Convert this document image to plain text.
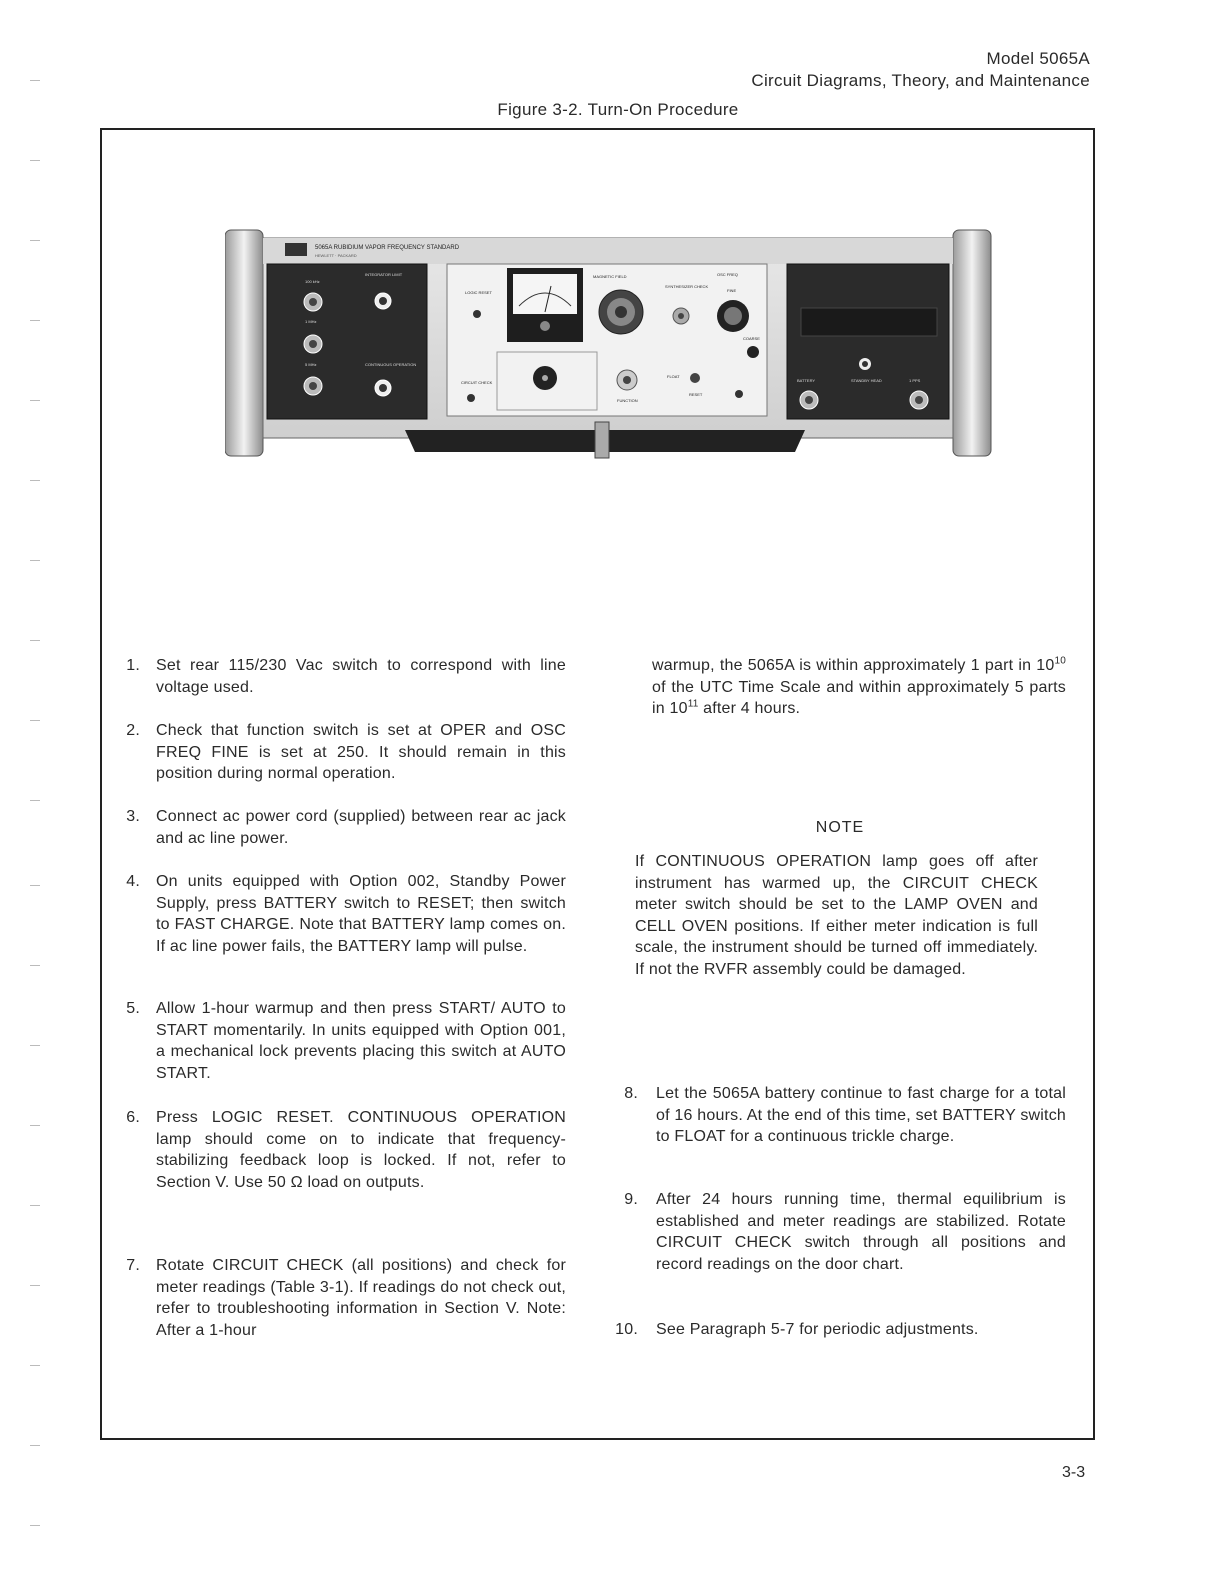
Model 5065A
Circuit Diagrams, Theory, and Maintenance
Figure 3-2. Turn-On Procedure
5065A RUBIDIUM VAPOR FREQUENCY STANDARD
HEWLETT · PACKARD
100 kHz
1 MHz
5 MHz
INTEGRATOR LIMIT
CONTINUOUS OPERATION
LOGIC RESET
CIRCUIT CHECK
MAGNETIC FIELD
SYNTHESIZER CHECK
OSC FREQ
FINE
COARSE
FUNCTION
FLOAT
RESET
BATTERY	STANDBY HEAD	1 PPS
1. Set rear 115/230 Vac switch to correspond with line voltage used.
2. Check that function switch is set at OPER and OSC FREQ FINE is set at 250. It should remain in this position during normal operation.
3. Connect ac power cord (supplied) between rear ac jack and ac line power.
4. On units equipped with Option 002, Standby Power Supply, press BATTERY switch to RESET; then switch to FAST CHARGE. Note that BATTERY lamp comes on. If ac line power fails, the BATTERY lamp will pulse.
5. Allow 1-hour warmup and then press START/ AUTO to START momentarily. In units equipped with Option 001, a mechanical lock prevents placing this switch at AUTO START.
6. Press LOGIC RESET. CONTINUOUS OPERATION lamp should come on to indicate that frequency-stabilizing feedback loop is locked. If not, refer to Section V. Use 50 Ω load on outputs.
7. Rotate CIRCUIT CHECK (all positions) and check for meter readings (Table 3-1). If readings do not check out, refer to troubleshooting information in Section V. Note: After a 1-hour
warmup, the 5065A is within approximately 1 part in $10^{10}$ of the UTC Time Scale and within approximately 5 parts in $10^{11}$ after 4 hours.
NOTE
If CONTINUOUS OPERATION lamp goes off after instrument has warmed up, the CIRCUIT CHECK meter switch should be set to the LAMP OVEN and CELL OVEN positions. If either meter indication is full scale, the instrument should be turned off immediately. If not the RVFR assembly could be damaged.
8. Let the 5065A battery continue to fast charge for a total of 16 hours. At the end of this time, set BATTERY switch to FLOAT for a continuous trickle charge.
9. After 24 hours running time, thermal equilibrium is established and meter readings are stabilized. Rotate CIRCUIT CHECK switch through all positions and record readings on the door chart.
10. See Paragraph 5-7 for periodic adjustments.
3-3
